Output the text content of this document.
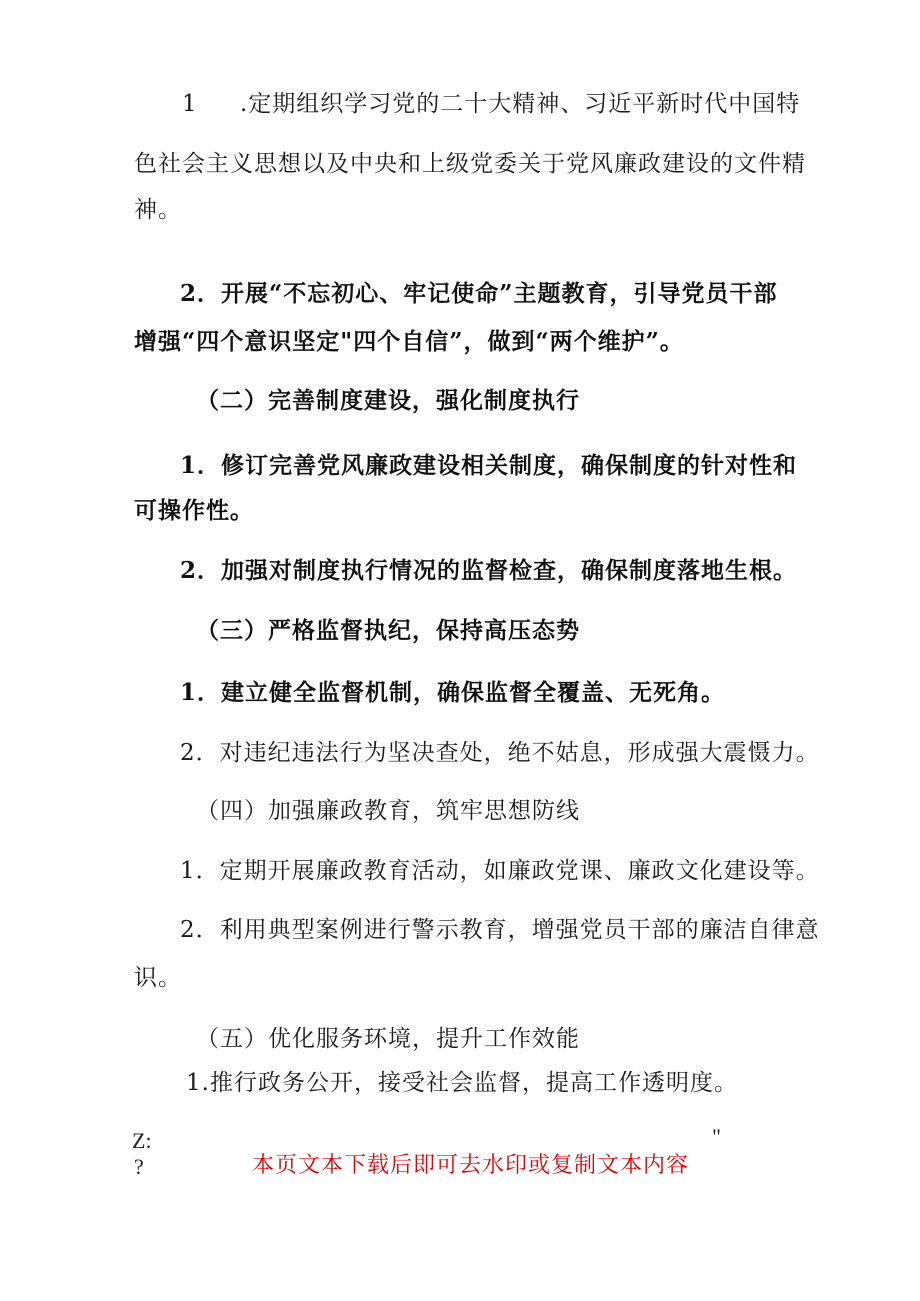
1 .定期组织学习党的二十大精神、习近平新时代中国特
色社会主义思想以及中央和上级党委关于党风廉政建设的文件精
神。
2．开展“不忘初心、牢记使命”主题教育，引导党员干部
增强“四个意识坚定"四个自信”，做到“两个维护”。
（二）完善制度建设，强化制度执行
1．修订完善党风廉政建设相关制度，确保制度的针对性和
可操作性。
2．加强对制度执行情况的监督检查，确保制度落地生根。
（三）严格监督执纪，保持高压态势
1．建立健全监督机制，确保监督全覆盖、无死角。
2．对违纪违法行为坚决查处，绝不姑息，形成强大震慑力。
（四）加强廉政教育，筑牢思想防线
1．定期开展廉政教育活动，如廉政党课、廉政文化建设等。
2．利用典型案例进行警示教育，增强党员干部的廉洁自律意
识。
（五）优化服务环境，提升工作效能
1.推行政务公开，接受社会监督，提高工作透明度。
Z:
?
"
本页文本下载后即可去水印或复制文本内容
